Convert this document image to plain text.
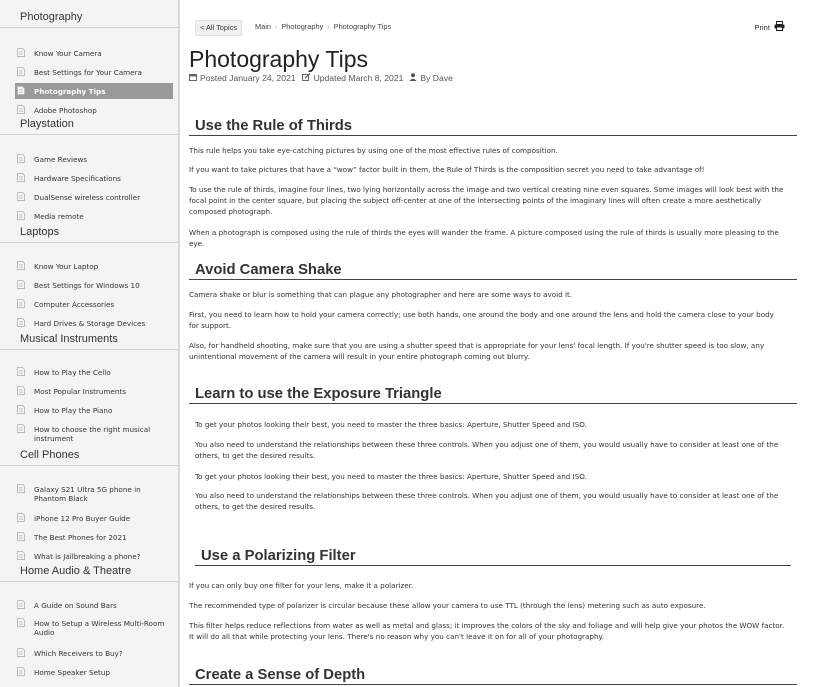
Photography
Know Your Camera
Best Settings for Your Camera
Photography Tips
Adobe Photoshop
Playstation
Game Reviews
Hardware Specifications
DualSense wireless controller
Media remote
Laptops
Know Your Laptop
Best Settings for Windows 10
Computer Accessories
Hard Drives & Storage Devices
Musical Instruments
How to Play the Cello
Most Popular Instruments
How to Play the Piano
How to choose the right musical instrument
Cell Phones
Galaxy S21 Ultra 5G phone in Phantom Black
iPhone 12 Pro Buyer Guide
The Best Phones for 2021
What is Jailbreaking a phone?
Home Audio & Theatre
A Guide on Sound Bars
How to Setup a Wireless Multi-Room Audio
Which Receivers to Buy?
Home Speaker Setup
< All Topics	Main › Photography › Photography Tips	Print
Photography Tips
Posted January 24, 2021 Updated March 8, 2021 By Dave
Use the Rule of Thirds

This rule helps you take eye-catching pictures by using one of the most effective rules of composition.

If you want to take pictures that have a “wow” factor built in them, the Rule of Thirds is the composition secret you need to take advantage of!

To use the rule of thirds, imagine four lines, two lying horizontally across the image and two vertical creating nine even squares. Some images will look best with the focal point in the center square, but placing the subject off-center at one of the intersecting points of the imaginary lines will often create a more aesthetically composed photograph.

When a photograph is composed using the rule of thirds the eyes will wander the frame. A picture composed using the rule of thirds is usually more pleasing to the eye.

Avoid Camera Shake

Camera shake or blur is something that can plague any photographer and here are some ways to avoid it.

First, you need to learn how to hold your camera correctly; use both hands, one around the body and one around the lens and hold the camera close to your body for support.

Also, for handheld shooting, make sure that you are using a shutter speed that is appropriate for your lens' focal length. If you're shutter speed is too slow, any unintentional movement of the camera will result in your entire photograph coming out blurry.

Learn to use the Exposure Triangle

To get your photos looking their best, you need to master the three basics: Aperture, Shutter Speed and ISO.

You also need to understand the relationships between these three controls. When you adjust one of them, you would usually have to consider at least one of the others, to get the desired results.

To get your photos looking their best, you need to master the three basics: Aperture, Shutter Speed and ISO.

You also need to understand the relationships between these three controls. When you adjust one of them, you would usually have to consider at least one of the others, to get the desired results.

Use a Polarizing Filter

If you can only buy one filter for your lens, make it a polarizer.

The recommended type of polarizer is circular because these allow your camera to use TTL (through the lens) metering such as auto exposure.

This filter helps reduce reflections from water as well as metal and glass; it improves the colors of the sky and foliage and will help give your photos the WOW factor. It will do all that while protecting your lens. There's no reason why you can't leave it on for all of your photography.

Create a Sense of Depth
